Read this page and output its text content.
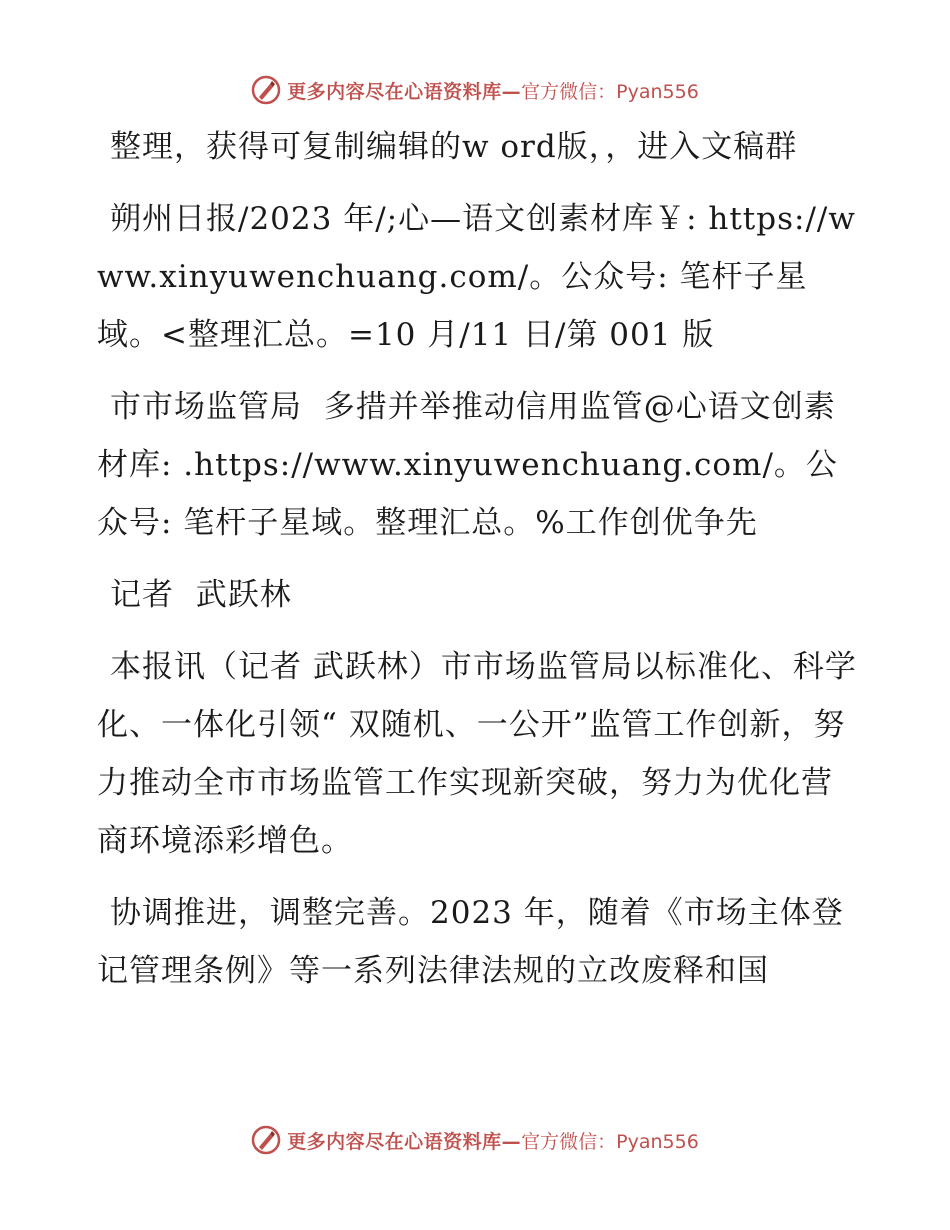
更多内容尽在心语资料库— 官方微信：Pyan556

整理，获得可复制编辑的w ord版，，进入文稿群

朔州日报/2023 年/;心—语文创素材库￥: https://www.xinyuwenchuang.com/。公众号: 笔杆子星域。<整理汇总。=10 月/11 日/第 001 版

市市场监管局  多措并举推动信用监管@心语文创素材库: .https://www.xinyuwenchuang.com/。公众号: 笔杆子星域。整理汇总。%工作创优争先

记者  武跃林

本报讯（记者 武跃林）市市场监管局以标准化、科学化、一体化引领“ 双随机、一公开”监管工作创新，努力推动全市市场监管工作实现新突破，努力为优化营商环境添彩增色。

协调推进，调整完善。2023 年，随着《市场主体登记管理条例》等一系列法律法规的立改废释和国

更多内容尽在心语资料库— 官方微信：Pyan556
